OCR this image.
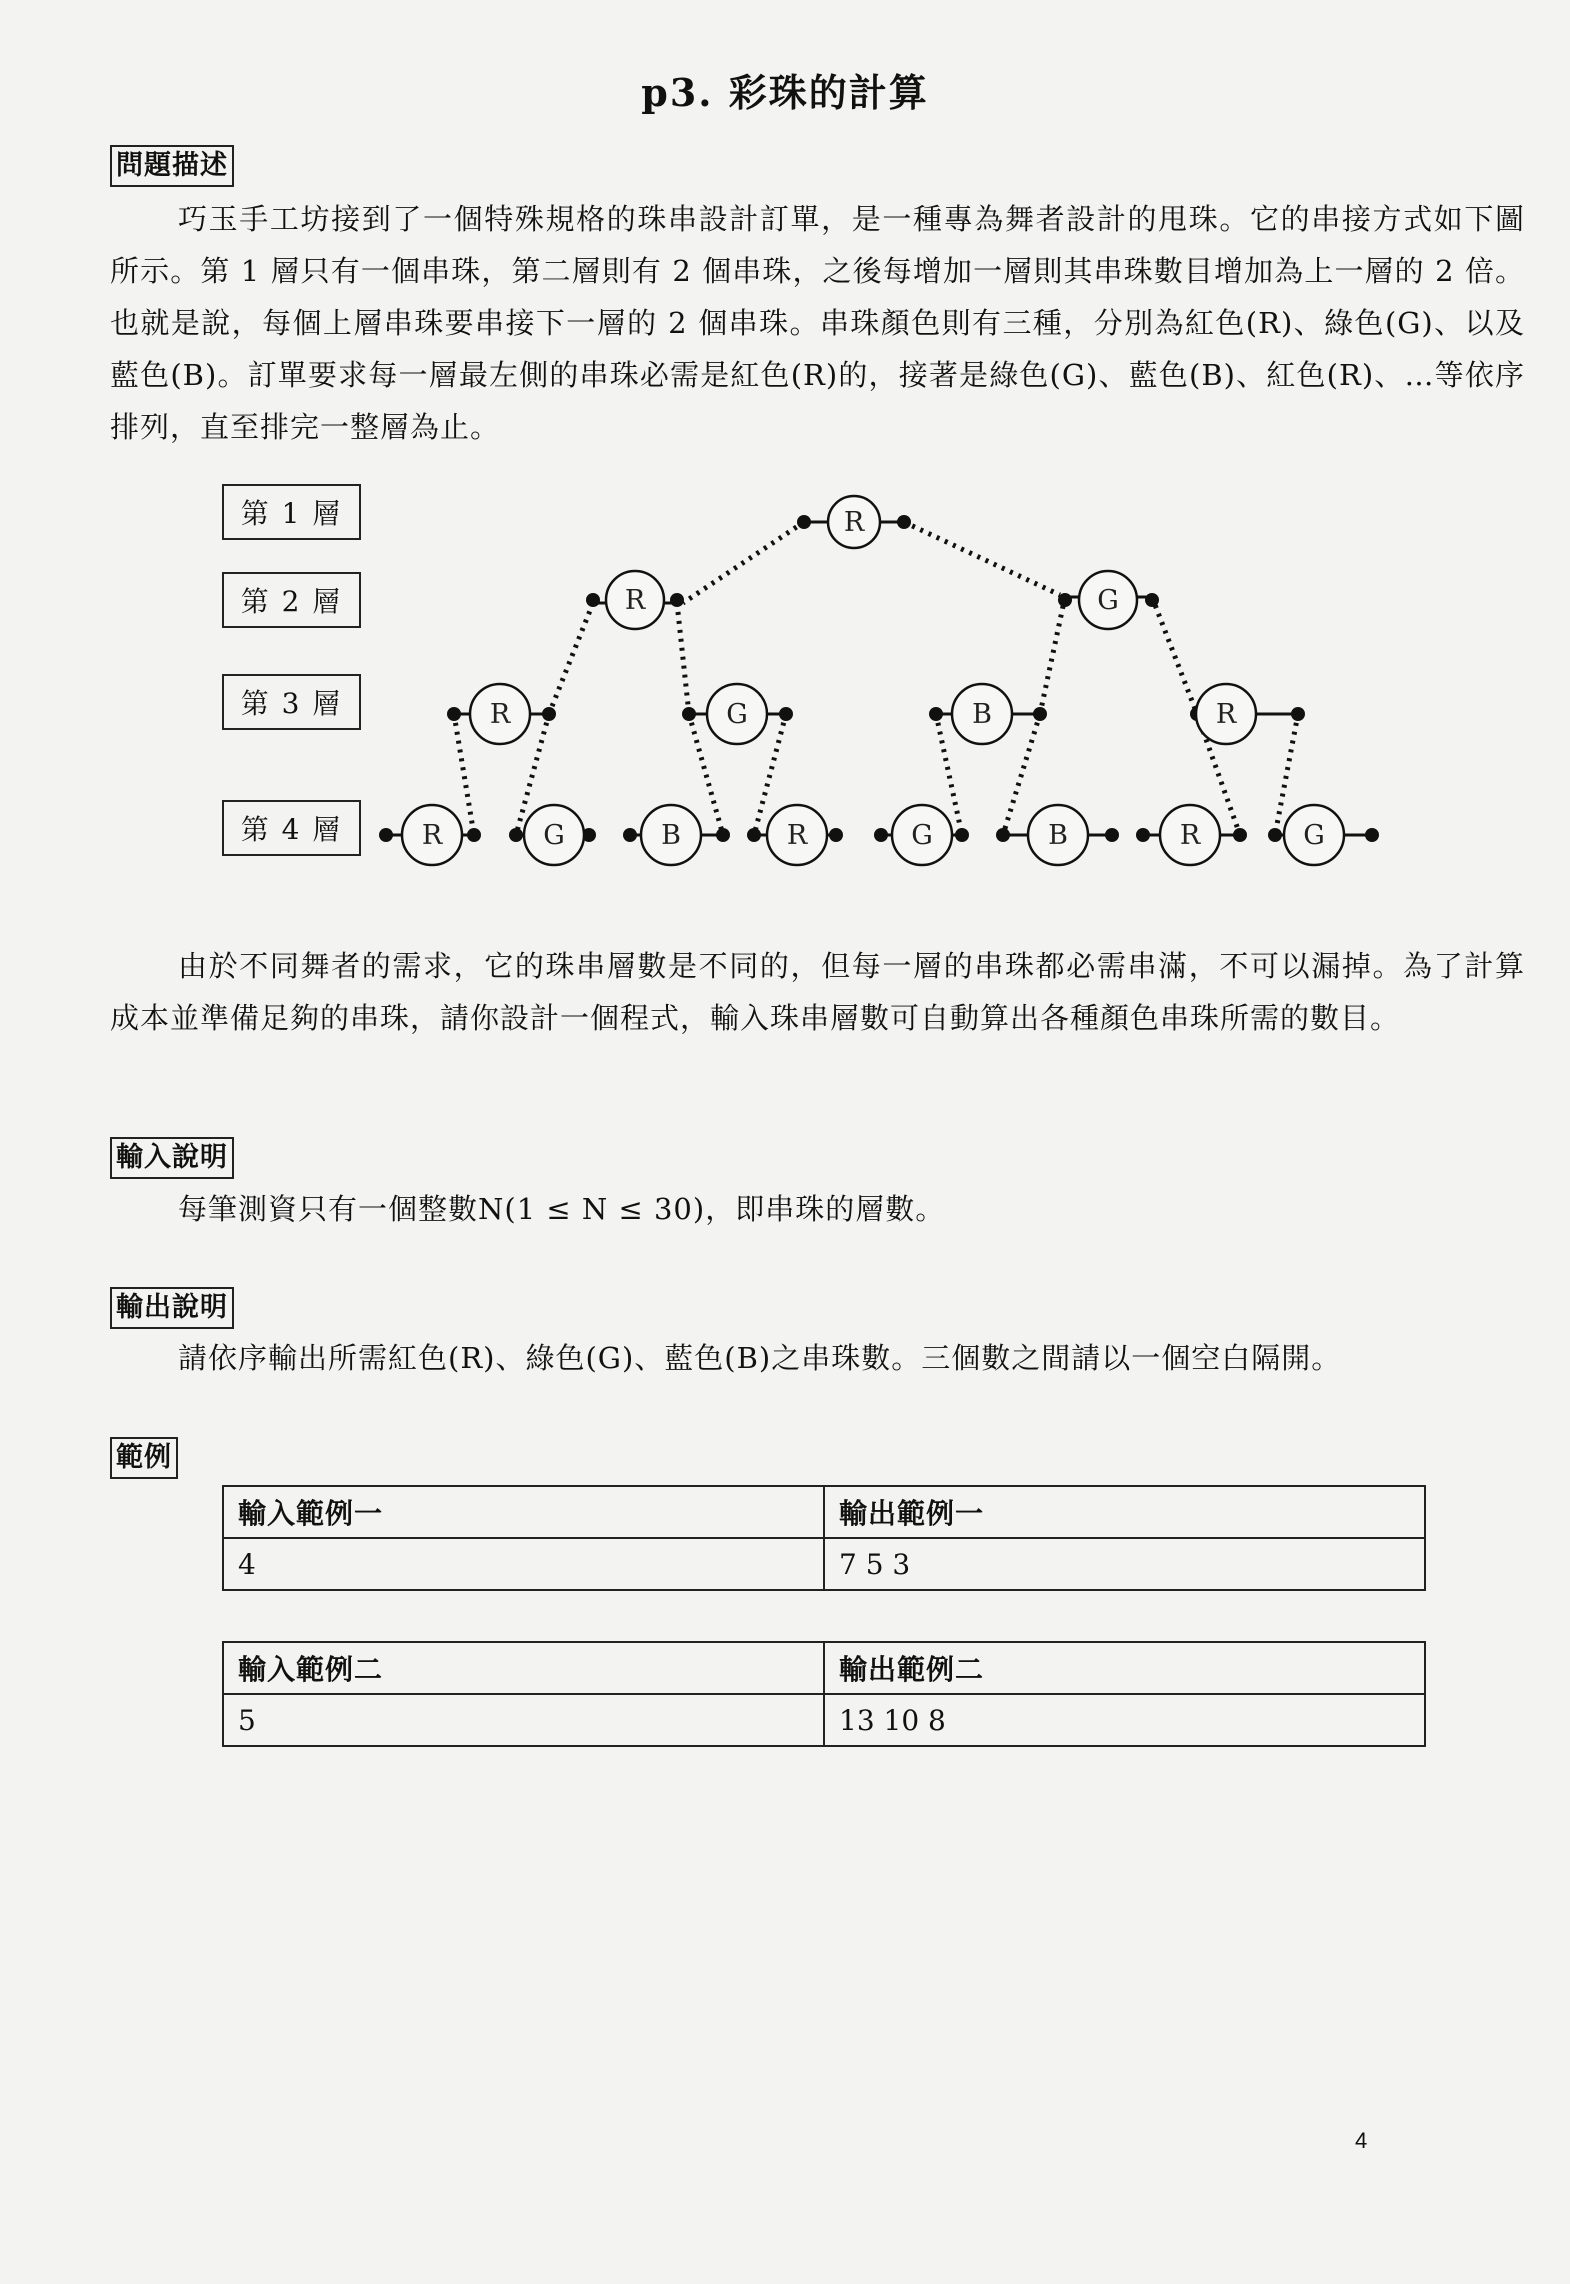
p3. 彩珠的計算
問題描述
巧玉手工坊接到了一個特殊規格的珠串設計訂單，是一種專為舞者設計的甩珠。它的串接方式如下圖所示。第 1 層只有一個串珠，第二層則有 2 個串珠，之後每增加一層則其串珠數目增加為上一層的 2 倍。也就是說，每個上層串珠要串接下一層的 2 個串珠。串珠顏色則有三種，分別為紅色(R)、綠色(G)、以及藍色(B)。訂單要求每一層最左側的串珠必需是紅色(R)的，接著是綠色(G)、藍色(B)、紅色(R)、…等依序排列，直至排完一整層為止。
第 1 層
第 2 層
第 3 層
第 4 層
R
R	G
R	G	B	R
R	G	B	R	G	B	R	G
由於不同舞者的需求，它的珠串層數是不同的，但每一層的串珠都必需串滿，不可以漏掉。為了計算成本並準備足夠的串珠，請你設計一個程式，輸入珠串層數可自動算出各種顏色串珠所需的數目。
輸入說明
每筆測資只有一個整數N(1 ≤ N ≤ 30)，即串珠的層數。
輸出說明
請依序輸出所需紅色(R)、綠色(G)、藍色(B)之串珠數。三個數之間請以一個空白隔開。
範例
輸入範例一	輸出範例一
4	7 5 3
輸入範例二	輸出範例二
5	13 10 8
4
